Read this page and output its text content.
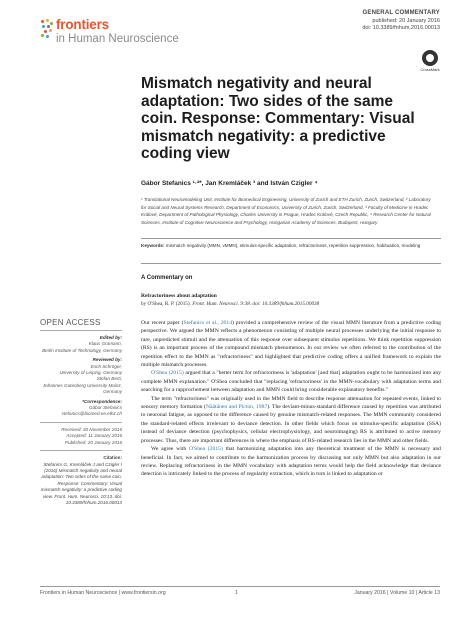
frontiers
in Human Neuroscience
GENERAL COMMENTARY
published: 20 January 2016
doi: 10.3389/fnhum.2016.00013
CrossMark
Mismatch negativity and neural adaptation: Two sides of the same coin. Response: Commentary: Visual mismatch negativity: a predictive coding view
Gábor Stefanics ¹·²*, Jan Kremláček ³ and István Czigler ⁴
¹ Translational Neuromodeling Unit, Institute for Biomedical Engineering, University of Zurich and ETH Zurich, Zurich, Switzerland, ² Laboratory for Social and Neural Systems Research, Department of Economics, University of Zurich, Zurich, Switzerland, ³ Faculty of Medicine in Hradec Králové, Department of Pathological Physiology, Charles University in Prague, Hradec Králové, Czech Republic, ⁴ Research Center for Natural Sciences, Institute of Cognitive Neuroscience and Psychology, Hungarian Academy of Sciences, Budapest, Hungary
Keywords: mismatch negativity (MMN, vMMN), stimulus-specific adaptation, refractoriness, repetition suppression, habituation, modeling
A Commentary on
Refractoriness about adaptation
by O'Shea, R. P. (2015). Front. Hum. Neurosci. 9:38. doi: 10.3389/fnhum.2015.00038

Our recent paper (Stefanics et al., 2014) provided a comprehensive review of the visual MMN literature from a predictive coding perspective. We argued the MMN reflects a phenomenon consisting of multiple neural processes underlying the initial response to rare, unpredicted stimuli and the attenuation of this response over subsequent stimulus repetitions. We think repetition suppression (RS) is an important process of the compound mismatch phenomenon. In our review we often referred to the contribution of the repetition effect to the MMN as "refractoriness" and highlighted that predictive coding offers a unified framework to explain the multiple mismatch processes.

O'Shea (2015) argued that a "better term for refractoriness is 'adaptation' [and that] adaptation ought to be harmonized into any complete MMN explanation." O'Shea concluded that "replacing 'refractoriness' in the MMN-vocabulary with adaptation terms and searching for a rapprochement between adaptation and MMN could bring considerable explanatory benefits."

The term "refractoriness" was originally used in the MMN field to describe response attenuation for repeated events, linked to sensory memory formation (Näätänen and Picton, 1987). The deviant-minus-standard difference caused by repetition was attributed to neuronal fatigue, as opposed to the difference caused by genuine mismatch-related responses. The MMN community considered the standard-related effects irrelevant to deviance detection. In other fields which focus on stimulus-specific adaptation (SSA) instead of deviance detection (psychophysics, cellular electrophysiology, and neuroimaging) RS is attributed to active memory processes. Thus, there are important differences in where the emphasis of RS-related research lies in the MMN and other fields.

We agree with O'Shea (2015) that harmonizing adaptation into any theoretical treatment of the MMN is necessary and beneficial. In fact, we aimed to contribute to the harmonization process by discussing not only MMN but also adaptation in our review. Replacing refractoriness in the MMN vocabulary with adaptation terms would help the field acknowledge that deviance detection is intricately linked to the process of regularity extraction, which in turn is linked to adaptation or

OPEN ACCESS
Edited by:
Klaus Gramann,
Berlin Institute of Technology, Germany
Reviewed by:
Erich Schröger,
University of Leipzig, Germany
Stefan Berti,
Johannes Gutenberg University Mainz, Germany
*Correspondence:
Gábor Stefanics
stefanics@biomed.ee.ethz.ch
Received: 30 November 2015
Accepted: 11 January 2016
Published: 20 January 2016
Citation:
Stefanics G, Kremláček J and Czigler I (2016) Mismatch negativity and neural adaptation: Two sides of the same coin. Response: Commentary: Visual mismatch negativity: a predictive coding view. Front. Hum. Neurosci. 10:13. doi: 10.3389/fnhum.2016.00013
Frontiers in Human Neuroscience | www.frontiersin.org	1	January 2016 | Volume 10 | Article 13
